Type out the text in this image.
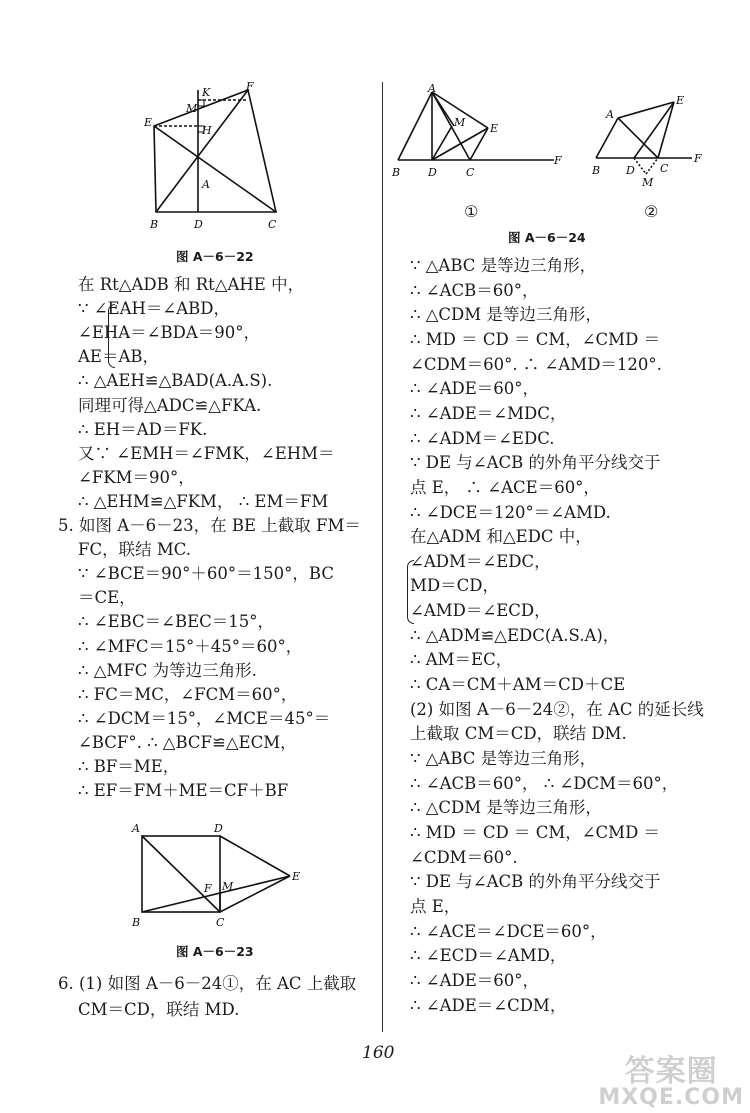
K	F
M
E
H
A
B	D	C
图 A－6－22
在 Rt△ADB 和 Rt△AHE 中，
∵ ∠EAH＝∠ABD，
∠EHA＝∠BDA＝90°，
AE＝AB，
∴ △AEH≌△BAD(A.A.S).
同理可得△ADC≌△FKA.
∴ EH＝AD＝FK.
又∵ ∠EMH＝∠FMK，∠EHM＝
∠FKM＝90°，
∴ △EHM≌△FKM， ∴ EM＝FM
5. 如图 A－6－23，在 BE 上截取 FM＝
FC，联结 MC.
∵ ∠BCE＝90°＋60°＝150°，BC
＝CE，
∴ ∠EBC＝∠BEC＝15°，
∴ ∠MFC＝15°＋45°＝60°，
∴ △MFC 为等边三角形.
∴ FC＝MC，∠FCM＝60°，
∴ ∠DCM＝15°，∠MCE＝45°＝
∠BCF°. ∴ △BCF≌△ECM，
∴ BF＝ME，
∴ EF＝FM＋ME＝CF＋BF
6. (1) 如图 A－6－24①，在 AC 上截取
CM＝CD，联结 MD.
A	D
F M
E
B	C
图 A－6－23
A
M E
F
B	D	C
①
A
E
F
B D C
M
②
图 A－6－24
∵ △ABC 是等边三角形，
∴ ∠ACB＝60°，
∴ △CDM 是等边三角形，
∴ MD ＝ CD ＝ CM，∠CMD ＝
∠CDM＝60°. ∴ ∠AMD＝120°.
∴ ∠ADE＝60°，
∴ ∠ADE＝∠MDC，
∴ ∠ADM＝∠EDC.
∵ DE 与∠ACB 的外角平分线交于
点 E， ∴ ∠ACE＝60°，
∴ ∠DCE＝120°＝∠AMD.
在△ADM 和△EDC 中，
∠ADM＝∠EDC，
MD＝CD，
∠AMD＝∠ECD，
∴ △ADM≌△EDC(A.S.A)，
∴ AM＝EC，
∴ CA＝CM＋AM＝CD＋CE
(2) 如图 A－6－24②，在 AC 的延长线
上截取 CM＝CD，联结 DM.
∵ △ABC 是等边三角形，
∴ ∠ACB＝60°， ∴ ∠DCM＝60°，
∴ △CDM 是等边三角形，
∴ MD ＝ CD ＝ CM，∠CMD ＝
∠CDM＝60°.
∵ DE 与∠ACB 的外角平分线交于
点 E，
∴ ∠ACE＝∠DCE＝60°，
∴ ∠ECD＝∠AMD，
∴ ∠ADE＝60°，
∴ ∠ADE＝∠CDM，
160
答案圈
MXQE.COM
